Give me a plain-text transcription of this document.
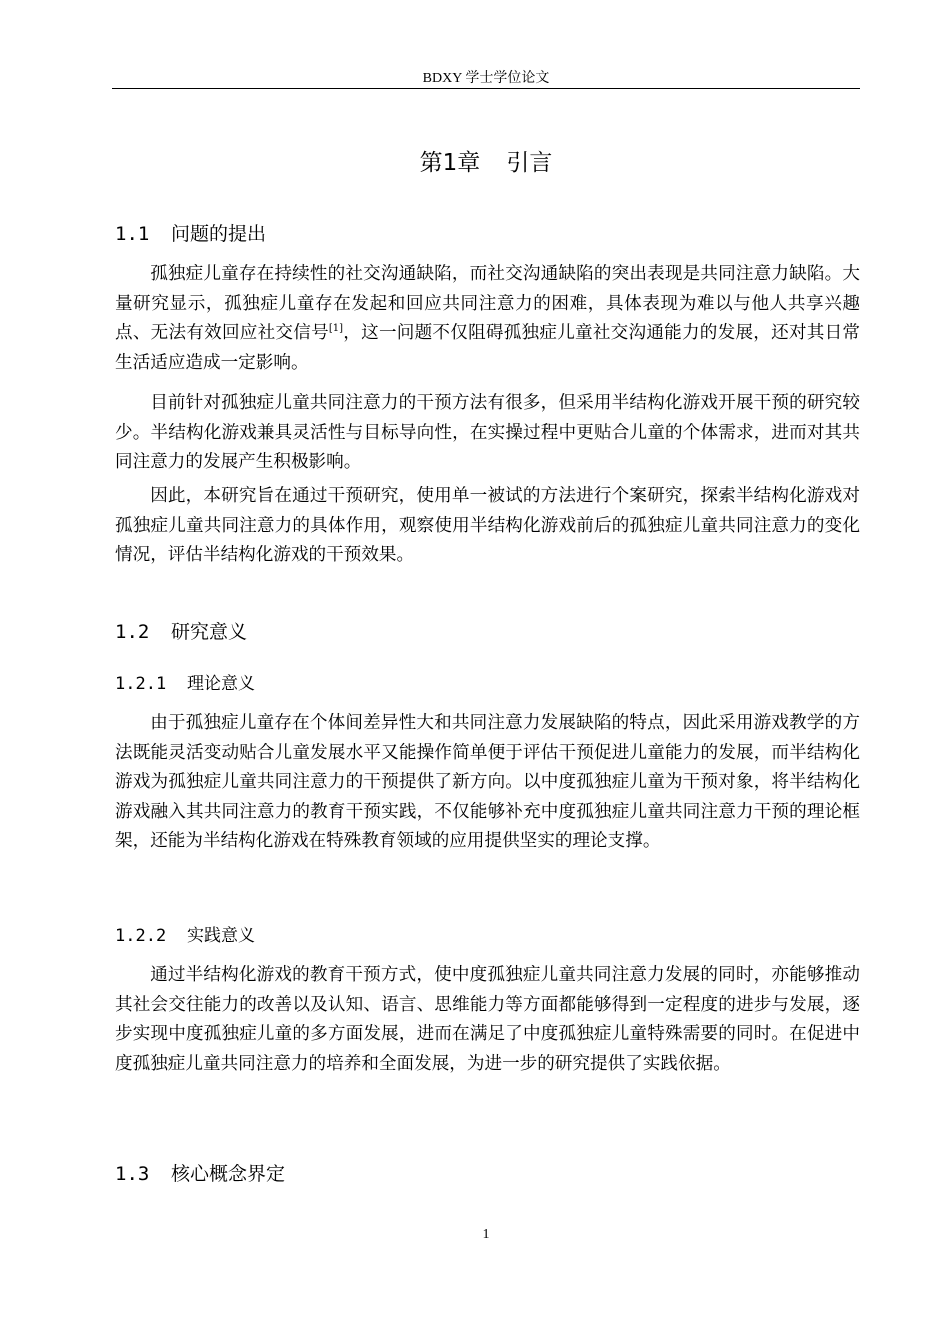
BDXY 学士学位论文
第1章 引言
1.1 问题的提出

孤独症儿童存在持续性的社交沟通缺陷，而社交沟通缺陷的突出表现是共同注意力缺陷。大量研究显示，孤独症儿童存在发起和回应共同注意力的困难，具体表现为难以与他人共享兴趣点、无法有效回应社交信号[1]，这一问题不仅阻碍孤独症儿童社交沟通能力的发展，还对其日常生活适应造成一定影响。

目前针对孤独症儿童共同注意力的干预方法有很多，但采用半结构化游戏开展干预的研究较少。半结构化游戏兼具灵活性与目标导向性，在实操过程中更贴合儿童的个体需求，进而对其共同注意力的发展产生积极影响。

因此，本研究旨在通过干预研究，使用单一被试的方法进行个案研究，探索半结构化游戏对孤独症儿童共同注意力的具体作用，观察使用半结构化游戏前后的孤独症儿童共同注意力的变化情况，评估半结构化游戏的干预效果。

1.2 研究意义
1.2.1 理论意义

由于孤独症儿童存在个体间差异性大和共同注意力发展缺陷的特点，因此采用游戏教学的方法既能灵活变动贴合儿童发展水平又能操作简单便于评估干预促进儿童能力的发展，而半结构化游戏为孤独症儿童共同注意力的干预提供了新方向。以中度孤独症儿童为干预对象，将半结构化游戏融入其共同注意力的教育干预实践，不仅能够补充中度孤独症儿童共同注意力干预的理论框架，还能为半结构化游戏在特殊教育领域的应用提供坚实的理论支撑。

1.2.2 实践意义

通过半结构化游戏的教育干预方式，使中度孤独症儿童共同注意力发展的同时，亦能够推动其社会交往能力的改善以及认知、语言、思维能力等方面都能够得到一定程度的进步与发展，逐步实现中度孤独症儿童的多方面发展，进而在满足了中度孤独症儿童特殊需要的同时。在促进中度孤独症儿童共同注意力的培养和全面发展，为进一步的研究提供了实践依据。

1.3 核心概念界定
1
